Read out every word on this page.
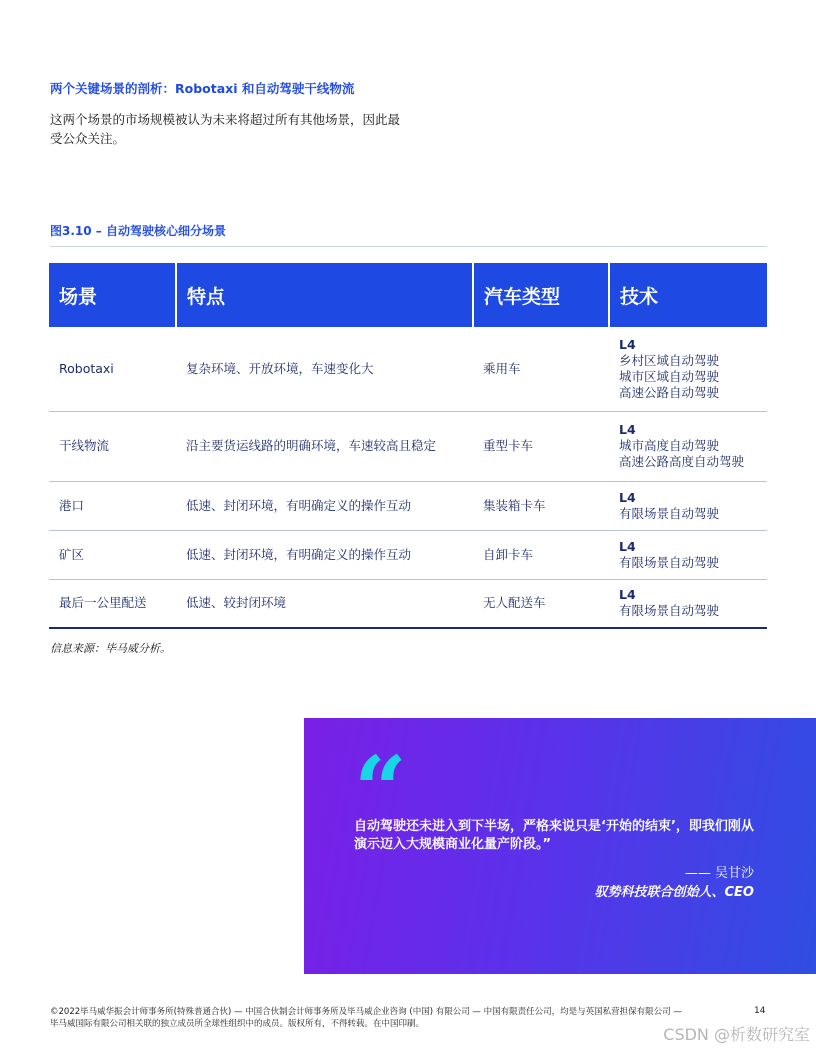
两个关键场景的剖析：Robotaxi 和自动驾驶干线物流
这两个场景的市场规模被认为未来将超过所有其他场景，因此最受公众关注。
图3.10 – 自动驾驶核心细分场景
场景	特点	汽车类型	技术
Robotaxi	复杂环境、开放环境，车速变化大	乘用车	L4
乡村区域自动驾驶
城市区域自动驾驶
高速公路自动驾驶

干线物流	沿主要货运线路的明确环境，车速较高且稳定	重型卡车	L4
城市高度自动驾驶
高速公路高度自动驾驶

港口	低速、封闭环境，有明确定义的操作互动	集装箱卡车	L4
有限场景自动驾驶

矿区	低速、封闭环境，有明确定义的操作互动	自卸卡车	L4
有限场景自动驾驶

最后一公里配送	低速、较封闭环境	无人配送车	L4
有限场景自动驾驶
信息来源：毕马威分析。
“
自动驾驶还未进入到下半场，严格来说只是‘开始的结束’，即我们刚从演示迈入大规模商业化量产阶段。”
—— 吴甘沙
驭势科技联合创始人、CEO
©2022毕马威华振会计师事务所(特殊普通合伙) — 中国合伙制会计师事务所及毕马威企业咨询 (中国) 有限公司 — 中国有限责任公司，均是与英国私营担保有限公司 — 毕马威国际有限公司相关联的独立成员所全球性组织中的成员。版权所有，不得转载。在中国印刷。
14
CSDN @析数研究室
